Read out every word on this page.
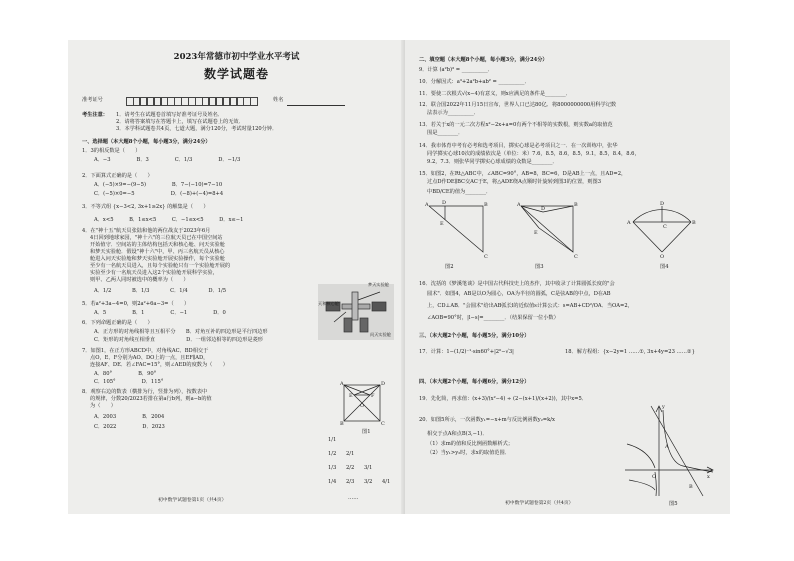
2023年常德市初中学业水平考试
数学试题卷
准考证号	姓名
考生注意： 1．请考生在试题卷首填写好准考证号及姓名．
2．请将答案填写在答题卡上，填写在试题卷上的无效．
3．本学科试题卷共4页，七道大题，满分120分，考试时量120分钟．
一、选择题（本大题8个小题，每小题3分，满分24分）
1．3的相反数是（　　）
A．−3　　　　　B．3　　　　　C．1/3　　　　　D．−1/3
2．下面算式正确的是（　　）
A．(−5)×9=−(9−5)　　　　　B．7−(−10)=7−10
C．(−5)×0=−5　　　　　　　D．(−8)+(−4)=8+4
3．不等式组 {x−3<2, 3x+1≥2x} 的解集是（　　）
A．x<5　　　B．1≤x<5　　　C．−1≤x<5　　　D．x≤−1
4．在"神十五"航天员张陆和他的两位战友于2023年6月
4日回到地球家园，"神十六"的三位航天员已在中国空间站
开始值守．空间站的主体结构包括天和核心舱、问天实验舱
和梦天实验舱．假设"神十六"中，甲、丙三名航天员从核心
舱进入问天实验舱和梦天实验舱开展实验操作，每个实验舱
至少有一名航天员进入，且每个实验舱只有一个实验舱开展的
实验至少有一名航天员进入这2个实验舱开展科学实验，
则甲、乙两人同时被选中的概率为（　　）
A．1/2　　　　B．1/3　　　　C．1/4　　　　D．1/5
5．若a²+3a−4=0，则2a²+6a−3=（　　）
A．5　　　　　B．1　　　　　C．−1　　　　　D．0
6．下列命题正确的是（　　）
A．正方形的对角线相等且互相平分　　B．对角互补的四边形是平行四边形
C．矩形的对角线互相垂直　　　　　　D．一组邻边相等的四边形是菱形
7．如图1，在正方形ABCD中，对角线AC、BD相交于
点O，E、F分别为AO、DO上的一点，且EF∥AD，
连接AF、DE．若∠FAC=15°，则∠AED的度数为（　　）
A．80°　　　　　B．90°
C．105°　　　　　D．115°
8．观察右边的数表（横排为行，竖排为列），按数表中
的规律，分数20/2023若排在第a行b列，则a−b的值
为（　　）
A．2003　　　　　B．2004
C．2022　　　　　D．2023
梦天实验舱
天和核心舱
问天实验舱
A	D
B	C
O
E	F
图1
1/1
1/2 2/1
1/3 2/2 3/1
1/4 2/3 3/2 4/1
……
初中数学试题卷第1页（共4页）
二、填空题（本大题8个小题，每小题3分，满分24分）
9．计算 (a²b)³ = __________．
10．分解因式：a³+2a²b+ab² = __________．
11．要使二次根式√(x−4)有意义，则x应满足的条件是________．
12．联合国2022年11月15日宣布，世界人口已达80亿．将8000000000用科学记数
法表示为__________．
13．若关于x的一元二次方程x²−2x+a=0有两个不相等的实数根，则实数a的取值范
围是________．
14．我市体育中考有必考和选考项目，掷实心球是必考项目之一．在一次训练中，张华
同学掷实心球10次的成绩依次是（单位：米）7.6，8.5，8.6，8.5，9.1，8.5，8.4，8.6，
9.2，7.3．则张华同学掷实心球成绩的众数是________．
15．如图2，在Rt△ABC中，∠ABC=90°，AB=8，BC=6，D是AB上一点，且AD=2，
过点D作DE∥BC交AC于E，将△ADE绕A点顺时针旋转到图3的位置，则图3
中BD/CE的值为________．
A	B
C
D
E
图2
A	B
C
D
E
图3
A	B
D
C
O
图4
16．沈括的《梦溪笔谈》是中国古代科技史上的杰作，其中收录了计算圆弧长度的"会
圆术"．如图4，AB是以O为圆心，OA为半径的圆弧，C是弦AB的中点，D在AB
上，CD⊥AB．"会圆术"给出AB弧长l的近似值s计算公式：s=AB+CD²/OA．当OA=2，
∠AOB=90°时，|l−s|=________．（结果保留一位小数）
三、（本大题2个小题，每小题5分，满分10分）
17．计算：1−(1/2)⁻¹·sin60°+|2⁰−√3|	18．解方程组：{x−2y=1 ……①, 3x+4y=23 ……②}
四、（本大题2个小题，每小题6分，满分12分）
19．先化简，再求值：(x+3)/(x²−4) ÷ (2−(x+1)/(x+2))，其中x=5．
20．如图5所示，一次函数y₁=−x+m与反比例函数y₂=k/x
相交于点A和点B(3,−1)．
（1）求m的值和反比例函数解析式；
（2）当y₁>y₂时，求x的取值范围．
A
B
O	x
y
图5
初中数学试题卷第2页（共4页）
